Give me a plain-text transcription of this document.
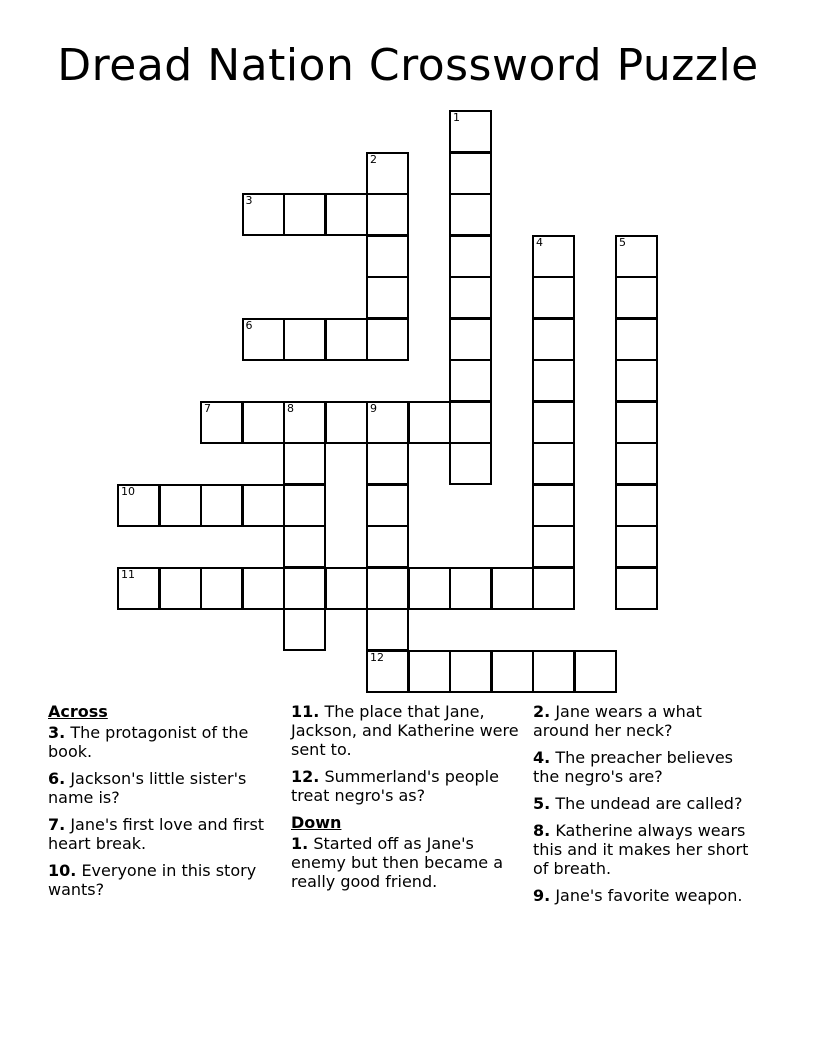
Dread Nation Crossword Puzzle
1
2
3
4	5
6
7	8	9
10
11
12
Across
3. The protagonist of the book.
6. Jackson's little sister's name is?
7. Jane's first love and first heart break.
10. Everyone in this story wants?
11. The place that Jane, Jackson, and Katherine were sent to.
12. Summerland's people treat negro's as?
Down
1. Started off as Jane's enemy but then became a really good friend.
2. Jane wears a what around her neck?
4. The preacher believes the negro's are?
5. The undead are called?
8. Katherine always wears this and it makes her short of breath.
9. Jane's favorite weapon.
